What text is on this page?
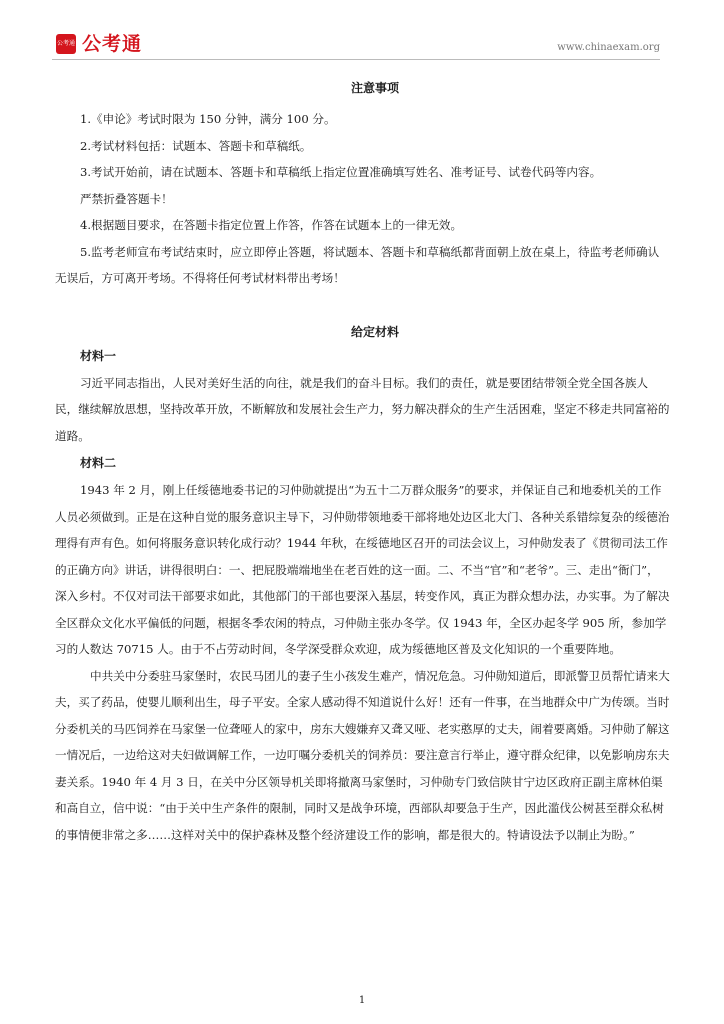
公考通 公考通	www.chinaexam.org

注意事项

1.《申论》考试时限为 150 分钟，满分 100 分。

2.考试材料包括：试题本、答题卡和草稿纸。

3.考试开始前，请在试题本、答题卡和草稿纸上指定位置准确填写姓名、准考证号、试卷代码等内容。

严禁折叠答题卡！

4.根据题目要求，在答题卡指定位置上作答，作答在试题本上的一律无效。

5.监考老师宣布考试结束时，应立即停止答题，将试题本、答题卡和草稿纸都背面朝上放在桌上，待监考老师确认无误后，方可离开考场。不得将任何考试材料带出考场！

给定材料

材料一

习近平同志指出，人民对美好生活的向往，就是我们的奋斗目标。我们的责任，就是要团结带领全党全国各族人民，继续解放思想，坚持改革开放，不断解放和发展社会生产力，努力解决群众的生产生活困难，坚定不移走共同富裕的道路。

材料二

1943 年 2 月，刚上任绥德地委书记的习仲勋就提出“为五十二万群众服务”的要求，并保证自己和地委机关的工作人员必须做到。正是在这种自觉的服务意识主导下，习仲勋带领地委干部将地处边区北大门、各种关系错综复杂的绥德治理得有声有色。如何将服务意识转化成行动？1944 年秋，在绥德地区召开的司法会议上，习仲勋发表了《贯彻司法工作的正确方向》讲话，讲得很明白：一、把屁股端端地坐在老百姓的这一面。二、不当“官”和“老爷”。三、走出“衙门”，深入乡村。不仅对司法干部要求如此，其他部门的干部也要深入基层，转变作风，真正为群众想办法，办实事。为了解决全区群众文化水平偏低的问题，根据冬季农闲的特点，习仲勋主张办冬学。仅 1943 年，全区办起冬学 905 所，参加学习的人数达 70715 人。由于不占劳动时间，冬学深受群众欢迎，成为绥德地区普及文化知识的一个重要阵地。

中共关中分委驻马家堡时，农民马团儿的妻子生小孩发生难产，情况危急。习仲勋知道后，即派警卫员帮忙请来大夫，买了药品，使婴儿顺利出生，母子平安。全家人感动得不知道说什么好！还有一件事，在当地群众中广为传颂。当时分委机关的马匹饲养在马家堡一位聋哑人的家中，房东大嫂嫌弃又聋又哑、老实憨厚的丈夫，闹着要离婚。习仲勋了解这一情况后，一边给这对夫妇做调解工作，一边叮嘱分委机关的饲养员：要注意言行举止，遵守群众纪律，以免影响房东夫妻关系。1940 年 4 月 3 日，在关中分区领导机关即将撤离马家堡时，习仲勋专门致信陕甘宁边区政府正副主席林伯渠和高自立，信中说：“由于关中生产条件的限制，同时又是战争环境，西部队却要急于生产，因此滥伐公树甚至群众私树的事情便非常之多……这样对关中的保护森林及整个经济建设工作的影响，都是很大的。特请设法予以制止为盼。”

1
